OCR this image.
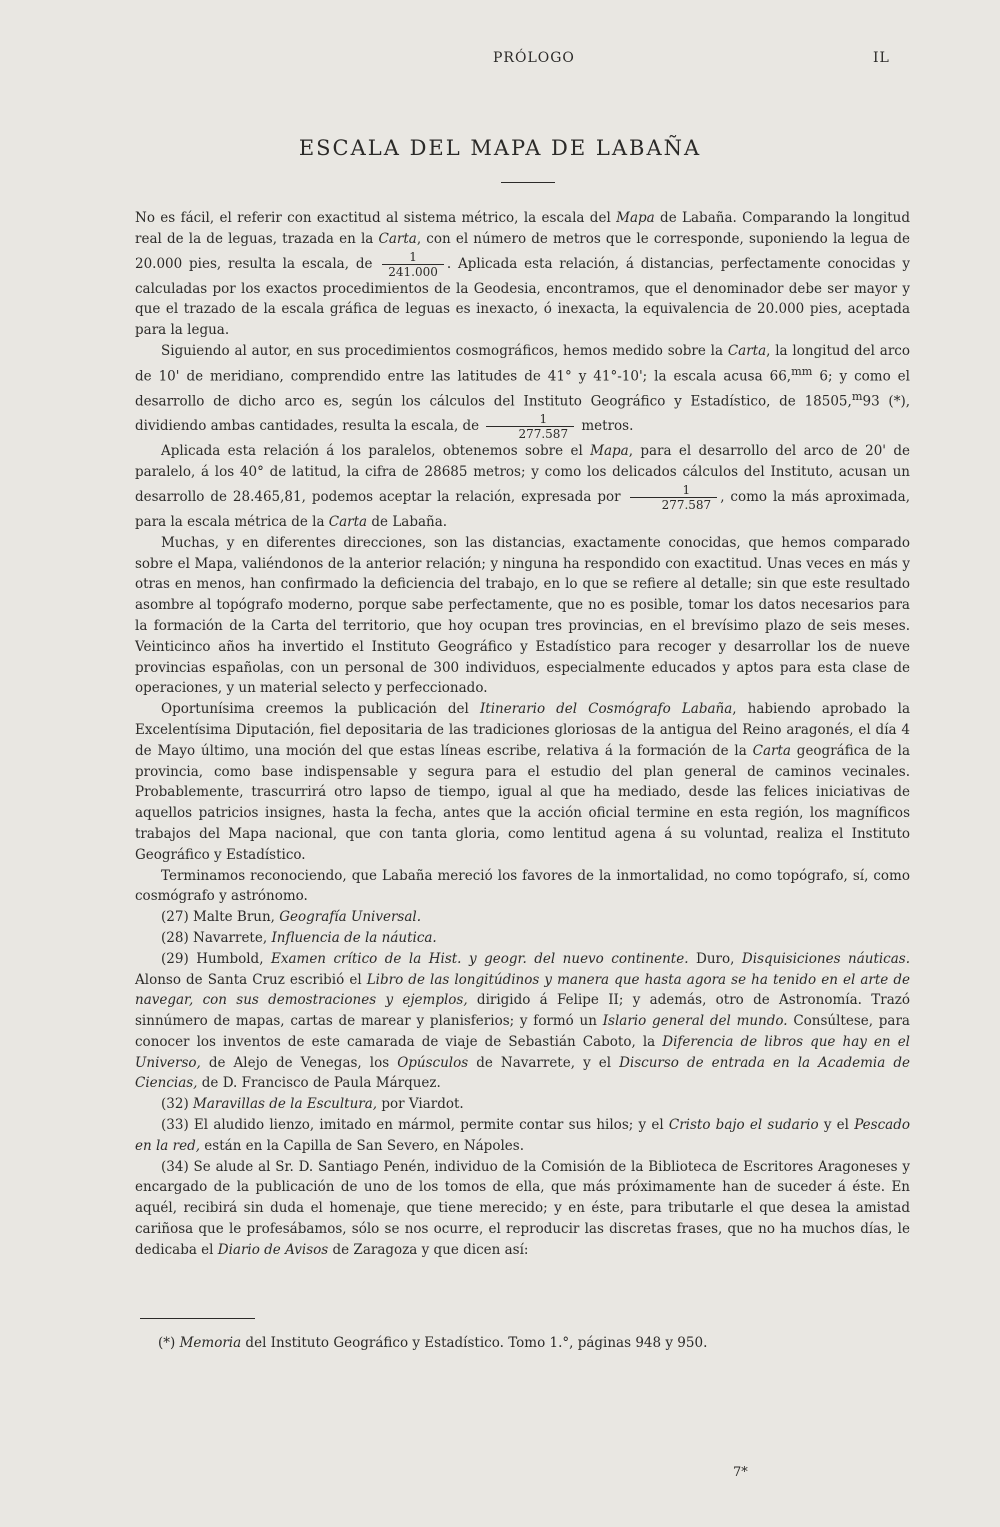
PRÓLOGO	IL
ESCALA DEL MAPA DE LABAÑA

No es fácil, el referir con exactitud al sistema métrico, la escala del Mapa de Labaña. Comparando la longitud real de la de leguas, trazada en la Carta, con el número de metros que le corresponde, suponiendo la legua de 20.000 pies, resulta la escala, de $\frac{1}{241.000}$ . Aplicada esta relación, á distancias, perfectamente conocidas y calculadas por los exactos procedimientos de la Geodesia, encontramos, que el denominador debe ser mayor y que el trazado de la escala gráfica de leguas es inexacto, ó inexacta, la equivalencia de 20.000 pies, aceptada para la legua.

Siguiendo al autor, en sus procedimientos cosmográficos, hemos medido sobre la Carta, la longitud del arco de 10' de meridiano, comprendido entre las latitudes de 41° y 41°-10'; la escala acusa 66,$^{mm}$ 6; y como el desarrollo de dicho arco es, según los cálculos del Instituto Geográfico y Estadístico, de 18505,$^m$93 (*), dividiendo ambas cantidades, resulta la escala, de $\frac{1}{277.587}$ metros.

Aplicada esta relación á los paralelos, obtenemos sobre el Mapa, para el desarrollo del arco de 20' de paralelo, á los 40° de latitud, la cifra de 28685 metros; y como los delicados cálculos del Instituto, acusan un desarrollo de 28.465,81, podemos aceptar la relación, expresada por $\frac{1}{277.587}$ , como la más aproximada, para la escala métrica de la Carta de Labaña.

Muchas, y en diferentes direcciones, son las distancias, exactamente conocidas, que hemos comparado sobre el Mapa, valiéndonos de la anterior relación; y ninguna ha respondido con exactitud. Unas veces en más y otras en menos, han confirmado la deficiencia del trabajo, en lo que se refiere al detalle; sin que este resultado asombre al topógrafo moderno, porque sabe perfectamente, que no es posible, tomar los datos necesarios para la formación de la Carta del territorio, que hoy ocupan tres provincias, en el brevísimo plazo de seis meses. Veinticinco años ha invertido el Instituto Geográfico y Estadístico para recoger y desarrollar los de nueve provincias españolas, con un personal de 300 individuos, especialmente educados y aptos para esta clase de operaciones, y un material selecto y perfeccionado.

Oportunísima creemos la publicación del Itinerario del Cosmógrafo Labaña, habiendo aprobado la Excelentísima Diputación, fiel depositaria de las tradiciones gloriosas de la antigua del Reino aragonés, el día 4 de Mayo último, una moción del que estas líneas escribe, relativa á la formación de la Carta geográfica de la provincia, como base indispensable y segura para el estudio del plan general de caminos vecinales. Probablemente, trascurrirá otro lapso de tiempo, igual al que ha mediado, desde las felices iniciativas de aquellos patricios insignes, hasta la fecha, antes que la acción oficial termine en esta región, los magníficos trabajos del Mapa nacional, que con tanta gloria, como lentitud agena á su voluntad, realiza el Instituto Geográfico y Estadístico.

Terminamos reconociendo, que Labaña mereció los favores de la inmortalidad, no como topógrafo, sí, como cosmógrafo y astrónomo.

(27) Malte Brun, Geografía Universal.

(28) Navarrete, Influencia de la náutica.

(29) Humbold, Examen crítico de la Hist. y geogr. del nuevo continente. Duro, Disquisiciones náuticas. Alonso de Santa Cruz escribió el Libro de las longitúdinos y manera que hasta agora se ha tenido en el arte de navegar, con sus demostraciones y ejemplos, dirigido á Felipe II; y además, otro de Astronomía. Trazó sinnúmero de mapas, cartas de marear y planisferios; y formó un Islario general del mundo. Consúltese, para conocer los inventos de este camarada de viaje de Sebastián Caboto, la Diferencia de libros que hay en el Universo, de Alejo de Venegas, los Opúsculos de Navarrete, y el Discurso de entrada en la Academia de Ciencias, de D. Francisco de Paula Márquez.

(32) Maravillas de la Escultura, por Viardot.

(33) El aludido lienzo, imitado en mármol, permite contar sus hilos; y el Cristo bajo el sudario y el Pescado en la red, están en la Capilla de San Severo, en Nápoles.

(34) Se alude al Sr. D. Santiago Penén, individuo de la Comisión de la Biblioteca de Escritores Aragoneses y encargado de la publicación de uno de los tomos de ella, que más próximamente han de suceder á éste. En aquél, recibirá sin duda el homenaje, que tiene merecido; y en éste, para tributarle el que desea la amistad cariñosa que le profesábamos, sólo se nos ocurre, el reproducir las discretas frases, que no ha muchos días, le dedicaba el Diario de Avisos de Zaragoza y que dicen así:

(*) Memoria del Instituto Geográfico y Estadístico. Tomo 1.°, páginas 948 y 950.
7*
